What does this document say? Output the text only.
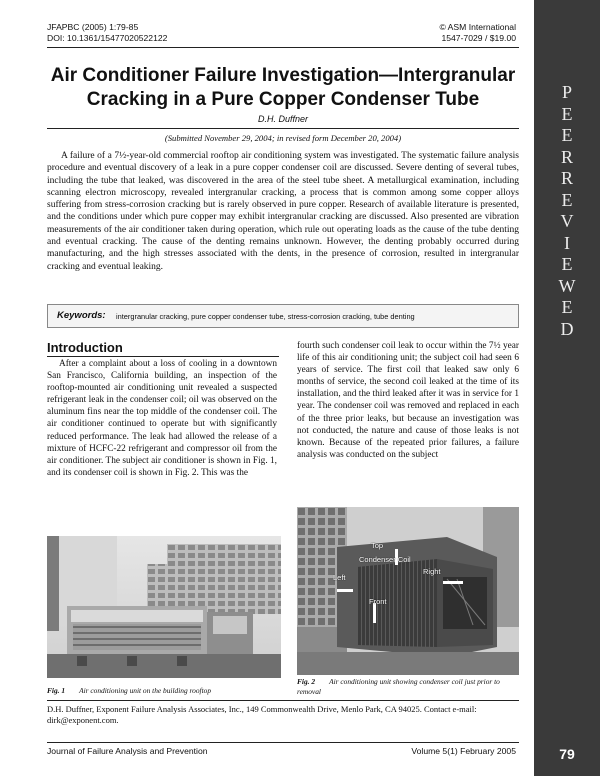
P
E
E
R
R
E
V
I
E
W
E
D
79
JFAPBC (2005) 1:79-85
DOI: 10.1361/15477020522122
© ASM International
1547-7029 / $19.00
Air Conditioner Failure Investigation—Intergranular
Cracking in a Pure Copper Condenser Tube
D.H. Duffner
(Submitted November 29, 2004; in revised form December 20, 2004)
A failure of a 7½-year-old commercial rooftop air conditioning system was investigated. The systematic failure analysis procedure and eventual discovery of a leak in a pure copper condenser coil are discussed. Severe denting of several tubes, including the tube that leaked, was discovered in the area of the steel tube sheet. A metallurgical examination, including scanning electron microscopy, revealed intergranular cracking, a process that is common among some copper alloys suffering from stress-corrosion cracking but is rarely observed in pure copper. Research of available literature is presented, and the conditions under which pure copper may exhibit intergranular cracking are discussed. Also presented are vibration measurements of the air conditioner taken during operation, which rule out operating loads as the cause of the tube denting and eventual cracking. The cause of the denting remains unknown. However, the denting probably occurred during manufacturing, and the high stresses associated with the dents, in the presence of corrosion, resulted in intergranular cracking and eventual leaking.
Keywords: intergranular cracking, pure copper condenser tube, stress-corrosion cracking, tube denting
Introduction
After a complaint about a loss of cooling in a downtown San Francisco, California building, an inspection of the rooftop-mounted air conditioning unit revealed a suspected refrigerant leak in the condenser coil; oil was observed on the aluminum fins near the top middle of the condenser coil. The air conditioner continued to operate but with significantly reduced performance. The leak had allowed the release of a mixture of HCFC-22 refrigerant and compressor oil from the air conditioner. The subject air conditioner is shown in Fig. 1, and its condenser coil is shown in Fig. 2. This was the
fourth such condenser coil leak to occur within the 7½ year life of this air conditioning unit; the subject coil had seen 6 years of service. The first coil that leaked saw only 6 months of service, the second coil leaked at the time of its installation, and the third leaked after it was in service for 1 year. The condenser coil was removed and replaced in each of the three prior leaks, but because an investigation was not conducted, the nature and cause of those leaks is not known. Because of the repeated prior failures, a failure analysis was conducted on the subject
Fig. 1 Air conditioning unit on the building rooftop
Top
Condenser Coil
Left
Right
Front
Fig. 2 Air conditioning unit showing condenser coil just prior to removal
D.H. Duffner, Exponent Failure Analysis Associates, Inc., 149 Commonwealth Drive, Menlo Park, CA 94025. Contact e-mail: dirk@exponent.com.
Journal of Failure Analysis and Prevention	Volume 5(1) February 2005
